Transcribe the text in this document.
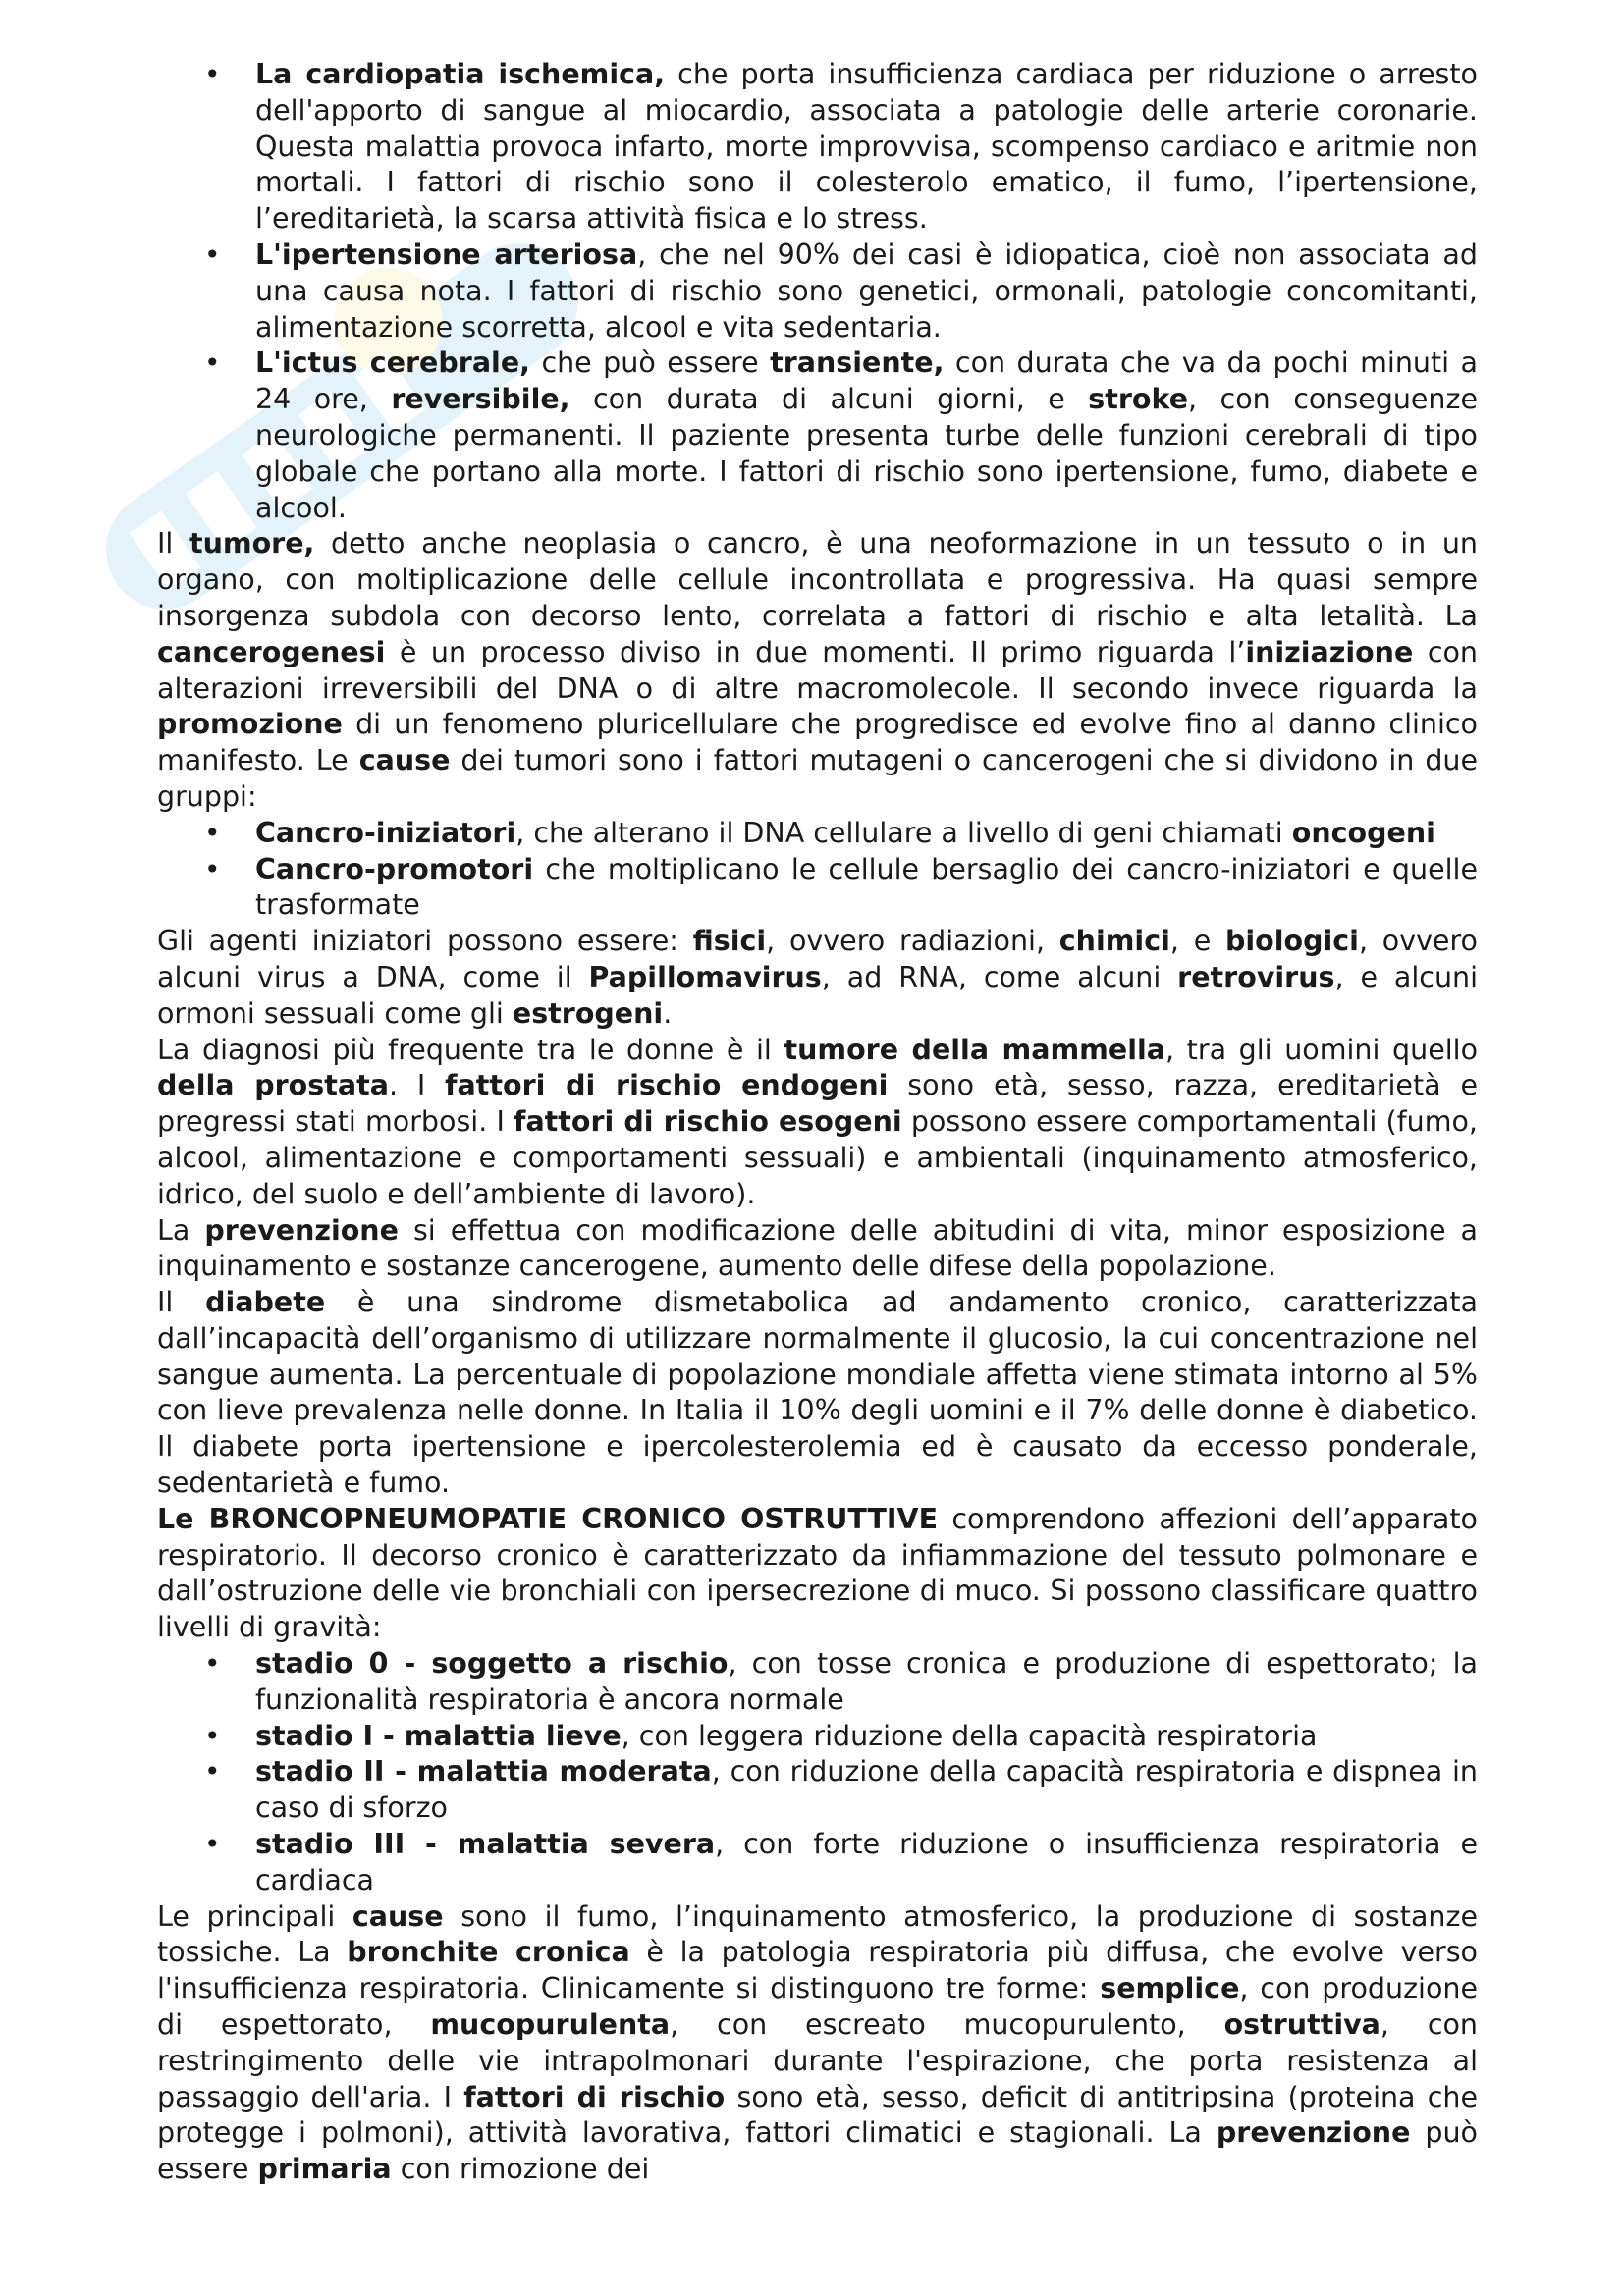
• La cardiopatia ischemica, che porta insufficienza cardiaca per riduzione o arresto dell'apporto di sangue al miocardio, associata a patologie delle arterie coronarie. Questa malattia provoca infarto, morte improvvisa, scompenso cardiaco e aritmie non mortali. I fattori di rischio sono il colesterolo ematico, il fumo, l’ipertensione, l’ereditarietà, la scarsa attività fisica e lo stress.
• L'ipertensione arteriosa, che nel 90% dei casi è idiopatica, cioè non associata ad una causa nota. I fattori di rischio sono genetici, ormonali, patologie concomitanti, alimentazione scorretta, alcool e vita sedentaria.
• L'ictus cerebrale, che può essere transiente, con durata che va da pochi minuti a 24 ore, reversibile, con durata di alcuni giorni, e stroke, con conseguenze neurologiche permanenti. Il paziente presenta turbe delle funzioni cerebrali di tipo globale che portano alla morte. I fattori di rischio sono ipertensione, fumo, diabete e alcool.

Il tumore, detto anche neoplasia o cancro, è una neoformazione in un tessuto o in un organo, con moltiplicazione delle cellule incontrollata e progressiva. Ha quasi sempre insorgenza subdola con decorso lento, correlata a fattori di rischio e alta letalità. La cancerogenesi è un processo diviso in due momenti. Il primo riguarda l’iniziazione con alterazioni irreversibili del DNA o di altre macromolecole. Il secondo invece riguarda la promozione di un fenomeno pluricellulare che progredisce ed evolve fino al danno clinico manifesto. Le cause dei tumori sono i fattori mutageni o cancerogeni che si dividono in due gruppi:

• Cancro-iniziatori, che alterano il DNA cellulare a livello di geni chiamati oncogeni
• Cancro-promotori che moltiplicano le cellule bersaglio dei cancro-iniziatori e quelle trasformate

Gli agenti iniziatori possono essere: fisici, ovvero radiazioni, chimici, e biologici, ovvero alcuni virus a DNA, come il Papillomavirus, ad RNA, come alcuni retrovirus, e alcuni ormoni sessuali come gli estrogeni.

La diagnosi più frequente tra le donne è il tumore della mammella, tra gli uomini quello della prostata. I fattori di rischio endogeni sono età, sesso, razza, ereditarietà e pregressi stati morbosi. I fattori di rischio esogeni possono essere comportamentali (fumo, alcool, alimentazione e comportamenti sessuali) e ambientali (inquinamento atmosferico, idrico, del suolo e dell’ambiente di lavoro).

La prevenzione si effettua con modificazione delle abitudini di vita, minor esposizione a inquinamento e sostanze cancerogene, aumento delle difese della popolazione.

Il diabete è una sindrome dismetabolica ad andamento cronico, caratterizzata dall’incapacità dell’organismo di utilizzare normalmente il glucosio, la cui concentrazione nel sangue aumenta. La percentuale di popolazione mondiale affetta viene stimata intorno al 5% con lieve prevalenza nelle donne. In Italia il 10% degli uomini e il 7% delle donne è diabetico. Il diabete porta ipertensione e ipercolesterolemia ed è causato da eccesso ponderale, sedentarietà e fumo.

Le BRONCOPNEUMOPATIE CRONICO OSTRUTTIVE comprendono affezioni dell’apparato respiratorio. Il decorso cronico è caratterizzato da infiammazione del tessuto polmonare e dall’ostruzione delle vie bronchiali con ipersecrezione di muco. Si possono classificare quattro livelli di gravità:

• stadio 0 - soggetto a rischio, con tosse cronica e produzione di espettorato; la funzionalità respiratoria è ancora normale
• stadio I - malattia lieve, con leggera riduzione della capacità respiratoria
• stadio II - malattia moderata, con riduzione della capacità respiratoria e dispnea in caso di sforzo
• stadio III - malattia severa, con forte riduzione o insufficienza respiratoria e cardiaca

Le principali cause sono il fumo, l’inquinamento atmosferico, la produzione di sostanze tossiche. La bronchite cronica è la patologia respiratoria più diffusa, che evolve verso l'insufficienza respiratoria. Clinicamente si distinguono tre forme: semplice, con produzione di espettorato, mucopurulenta, con escreato mucopurulento, ostruttiva, con restringimento delle vie intrapolmonari durante l'espirazione, che porta resistenza al passaggio dell'aria. I fattori di rischio sono età, sesso, deficit di antitripsina (proteina che protegge i polmoni), attività lavorativa, fattori climatici e stagionali. La prevenzione può essere primaria con rimozione dei
